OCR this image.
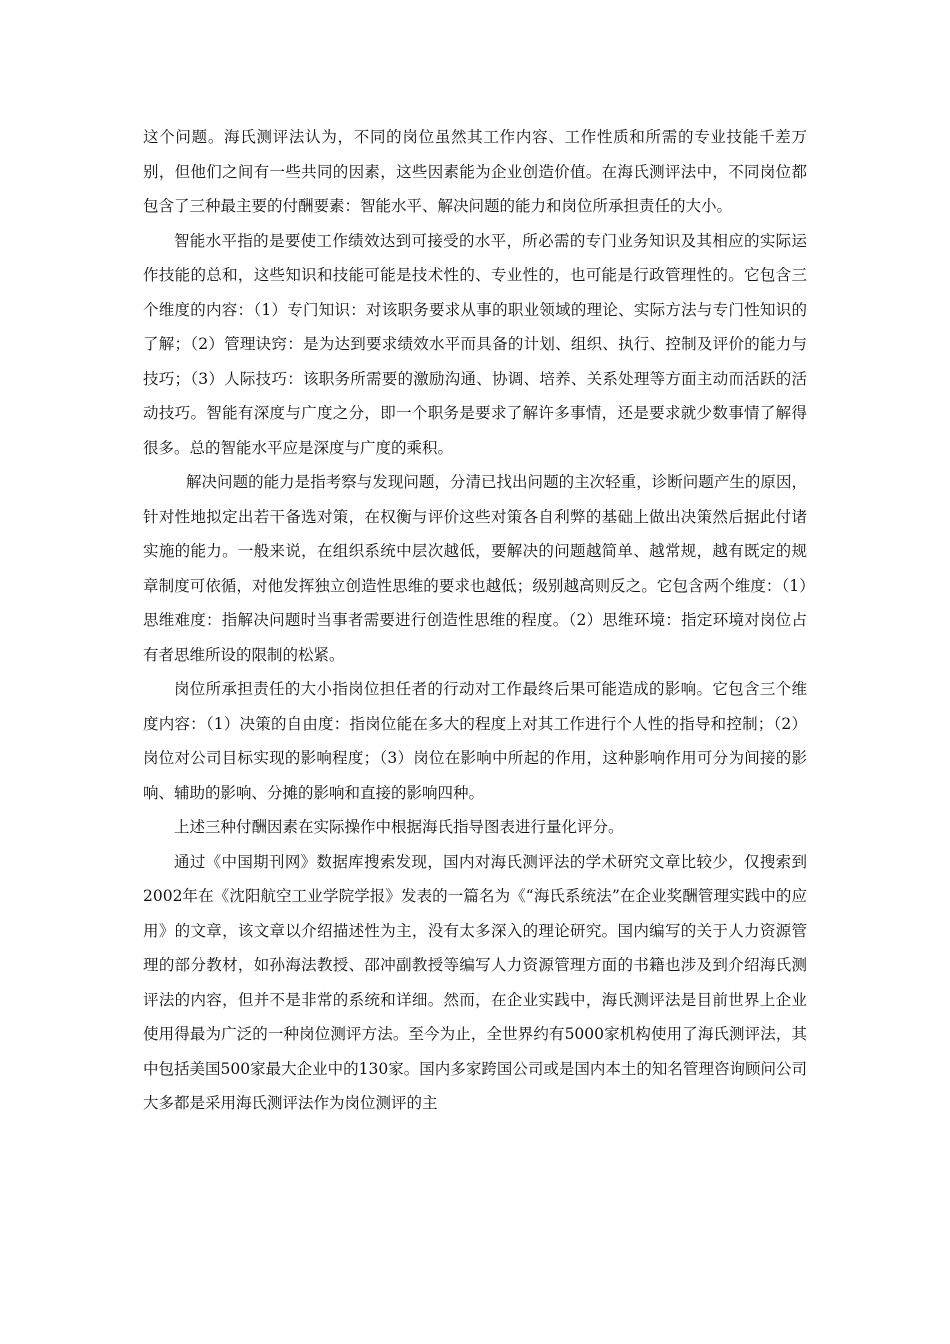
这个问题。海氏测评法认为，不同的岗位虽然其工作内容、工作性质和所需的专业技能千差万别，但他们之间有一些共同的因素，这些因素能为企业创造价值。在海氏测评法中，不同岗位都包含了三种最主要的付酬要素：智能水平、解决问题的能力和岗位所承担责任的大小。

智能水平指的是要使工作绩效达到可接受的水平，所必需的专门业务知识及其相应的实际运作技能的总和，这些知识和技能可能是技术性的、专业性的，也可能是行政管理性的。它包含三个维度的内容：（1）专门知识：对该职务要求从事的职业领域的理论、实际方法与专门性知识的了解；（2）管理诀窍：是为达到要求绩效水平而具备的计划、组织、执行、控制及评价的能力与技巧；（3）人际技巧：该职务所需要的激励沟通、协调、培养、关系处理等方面主动而活跃的活动技巧。智能有深度与广度之分，即一个职务是要求了解许多事情，还是要求就少数事情了解得很多。总的智能水平应是深度与广度的乘积。

解决问题的能力是指考察与发现问题，分清已找出问题的主次轻重，诊断问题产生的原因，针对性地拟定出若干备选对策，在权衡与评价这些对策各自利弊的基础上做出决策然后据此付诸实施的能力。一般来说，在组织系统中层次越低，要解决的问题越简单、越常规，越有既定的规章制度可依循，对他发挥独立创造性思维的要求也越低；级别越高则反之。它包含两个维度：（1）思维难度：指解决问题时当事者需要进行创造性思维的程度。（2）思维环境：指定环境对岗位占有者思维所设的限制的松紧。

岗位所承担责任的大小指岗位担任者的行动对工作最终后果可能造成的影响。它包含三个维度内容：（1）决策的自由度：指岗位能在多大的程度上对其工作进行个人性的指导和控制；（2）岗位对公司目标实现的影响程度；（3）岗位在影响中所起的作用，这种影响作用可分为间接的影响、辅助的影响、分摊的影响和直接的影响四种。

上述三种付酬因素在实际操作中根据海氏指导图表进行量化评分。

通过《中国期刊网》数据库搜索发现，国内对海氏测评法的学术研究文章比较少，仅搜索到2002年在《沈阳航空工业学院学报》发表的一篇名为《“海氏系统法”在企业奖酬管理实践中的应用》的文章，该文章以介绍描述性为主，没有太多深入的理论研究。国内编写的关于人力资源管理的部分教材，如孙海法教授、邵冲副教授等编写人力资源管理方面的书籍也涉及到介绍海氏测评法的内容，但并不是非常的系统和详细。然而，在企业实践中，海氏测评法是目前世界上企业使用得最为广泛的一种岗位测评方法。至今为止，全世界约有5000家机构使用了海氏测评法，其中包括美国500家最大企业中的130家。国内多家跨国公司或是国内本土的知名管理咨询顾问公司大多都是采用海氏测评法作为岗位测评的主
